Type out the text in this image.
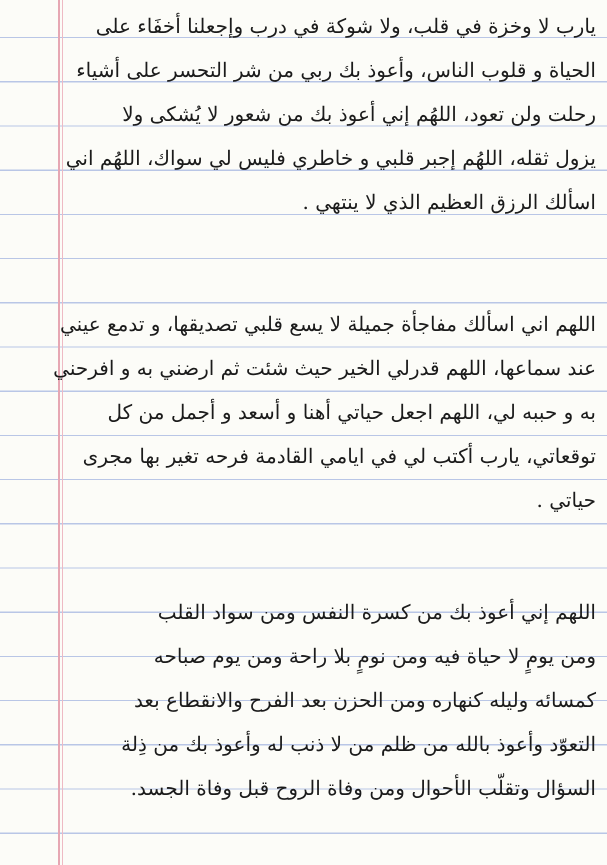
يارب لا وخزة في قلب، ولا شوكة في درب وإجعلنا أخفَاء على
الحياة و قلوب الناس، وأعوذ بك ربي من شر التحسر على أشياء
رحلت ولن تعود، اللهُم إني أعوذ بك من شعور لا يُشكى ولا
يزول ثقله، اللهُم إجبر قلبي و خاطري فليس لي سواك، اللهُم اني
اسألك الرزق العظيم الذي لا ينتهي .
اللهم اني اسألك مفاجأة جميلة لا يسع قلبي تصديقها، و تدمع عيني
عند سماعها، اللهم قدرلي الخير حيث شئت ثم ارضني به و افرحني
به و حببه لي، اللهم اجعل حياتي أهنا و أسعد و أجمل من كل
توقعاتي، يارب أكتب لي في ايامي القادمة فرحه تغير بها مجرى
حياتي .
اللهم إني أعوذ بك من كسرة النفس ومن سواد القلب
ومن يومٍ لا حياة فيه ومن نومٍ بلا راحة ومن يوم صباحه
كمسائه وليله كنهاره ومن الحزن بعد الفرح والانقطاع بعد
التعوّد وأعوذ بالله من ظلم من لا ذنب له وأعوذ بك من ذِلة
السؤال وتقلّب الأحوال ومن وفاة الروح قبل وفاة الجسد.
